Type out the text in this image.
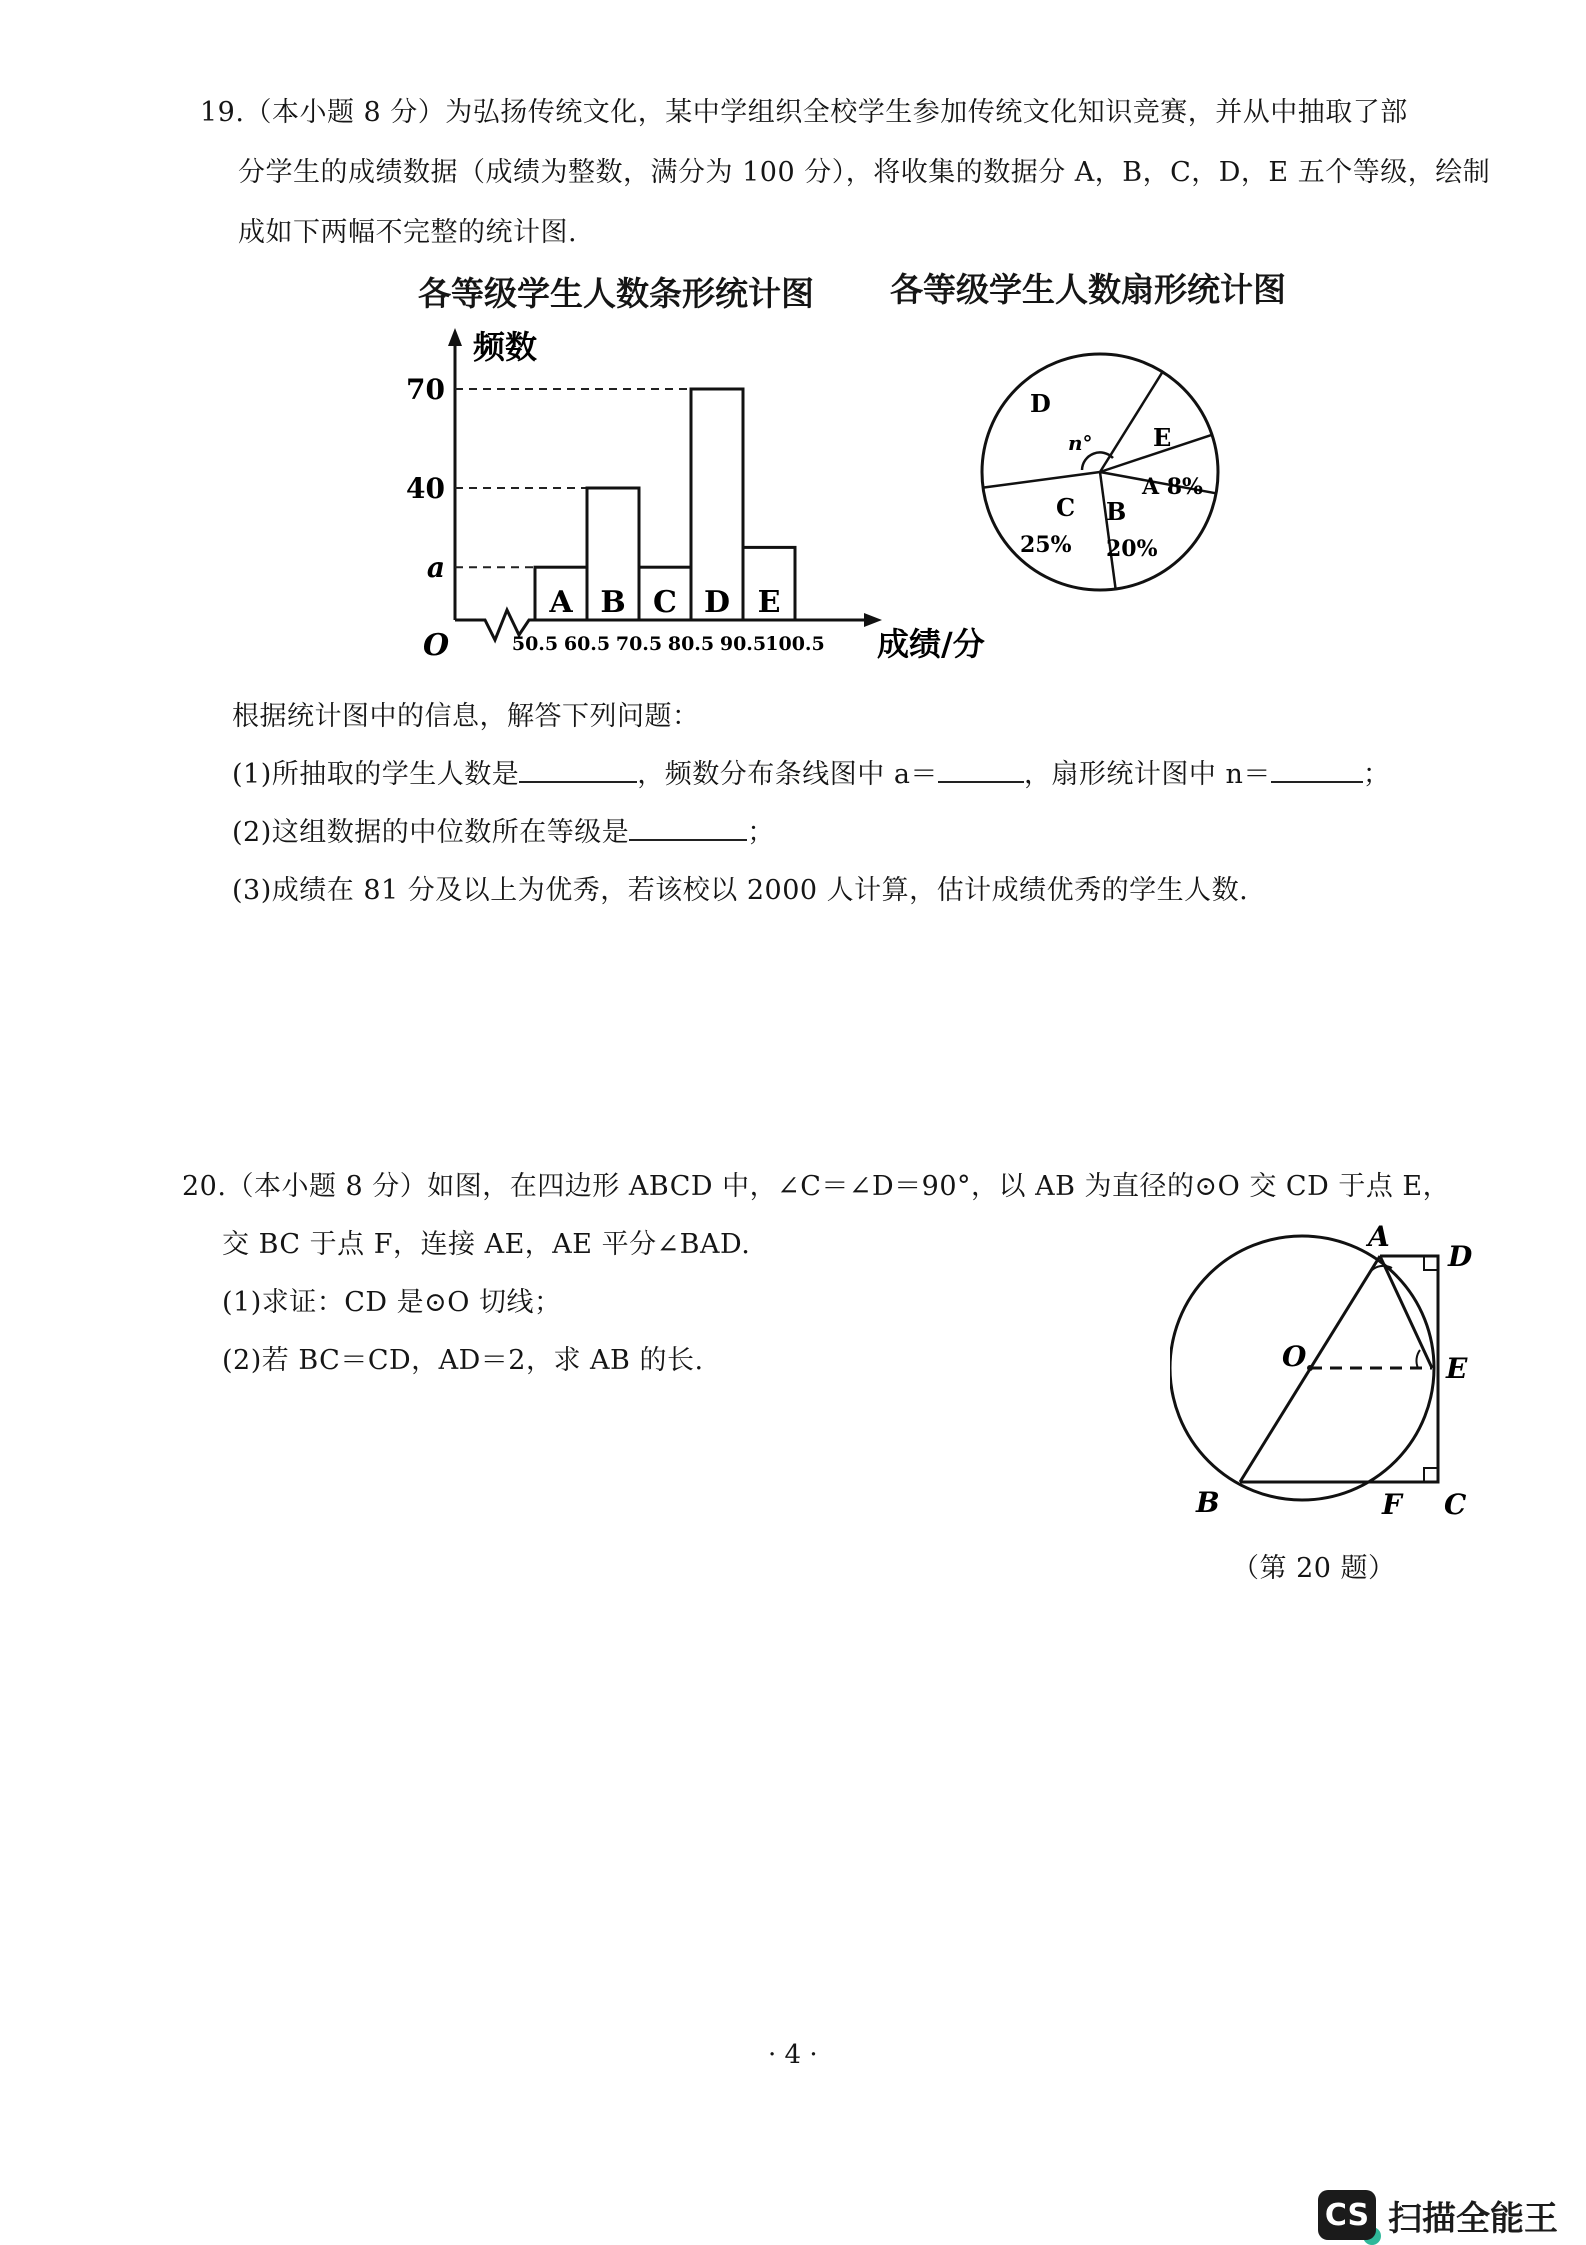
19.（本小题 8 分）为弘扬传统文化，某中学组织全校学生参加传统文化知识竞赛，并从中抽取了部
分学生的成绩数据（成绩为整数，满分为 100 分），将收集的数据分 A，B，C，D，E 五个等级，绘制
成如下两幅不完整的统计图.
各等级学生人数条形统计图 各等级学生人数扇形统计图
频数
O	成绩/分
A B C D E
a
40
70
50.5 60.5 70.5 80.5 90.5 100.5
D
n°	E
A 8%
B
20%
C
25%
根据统计图中的信息，解答下列问题：
(1)所抽取的学生人数是	，频数分布条线图中 a＝	，扇形统计图中 n＝	；
(2)这组数据的中位数所在等级是	；
(3)成绩在 81 分及以上为优秀，若该校以 2000 人计算，估计成绩优秀的学生人数.
20.（本小题 8 分）如图，在四边形 ABCD 中，∠C＝∠D＝90°，以 AB 为直径的⊙O 交 CD 于点 E，
交 BC 于点 F，连接 AE，AE 平分∠BAD.
(1)求证：CD 是⊙O 切线；
(2)若 BC＝CD，AD＝2，求 AB 的长.
A
D
O	E
B	F C
（第 20 题）
· 4 ·
CS 扫描全能王
